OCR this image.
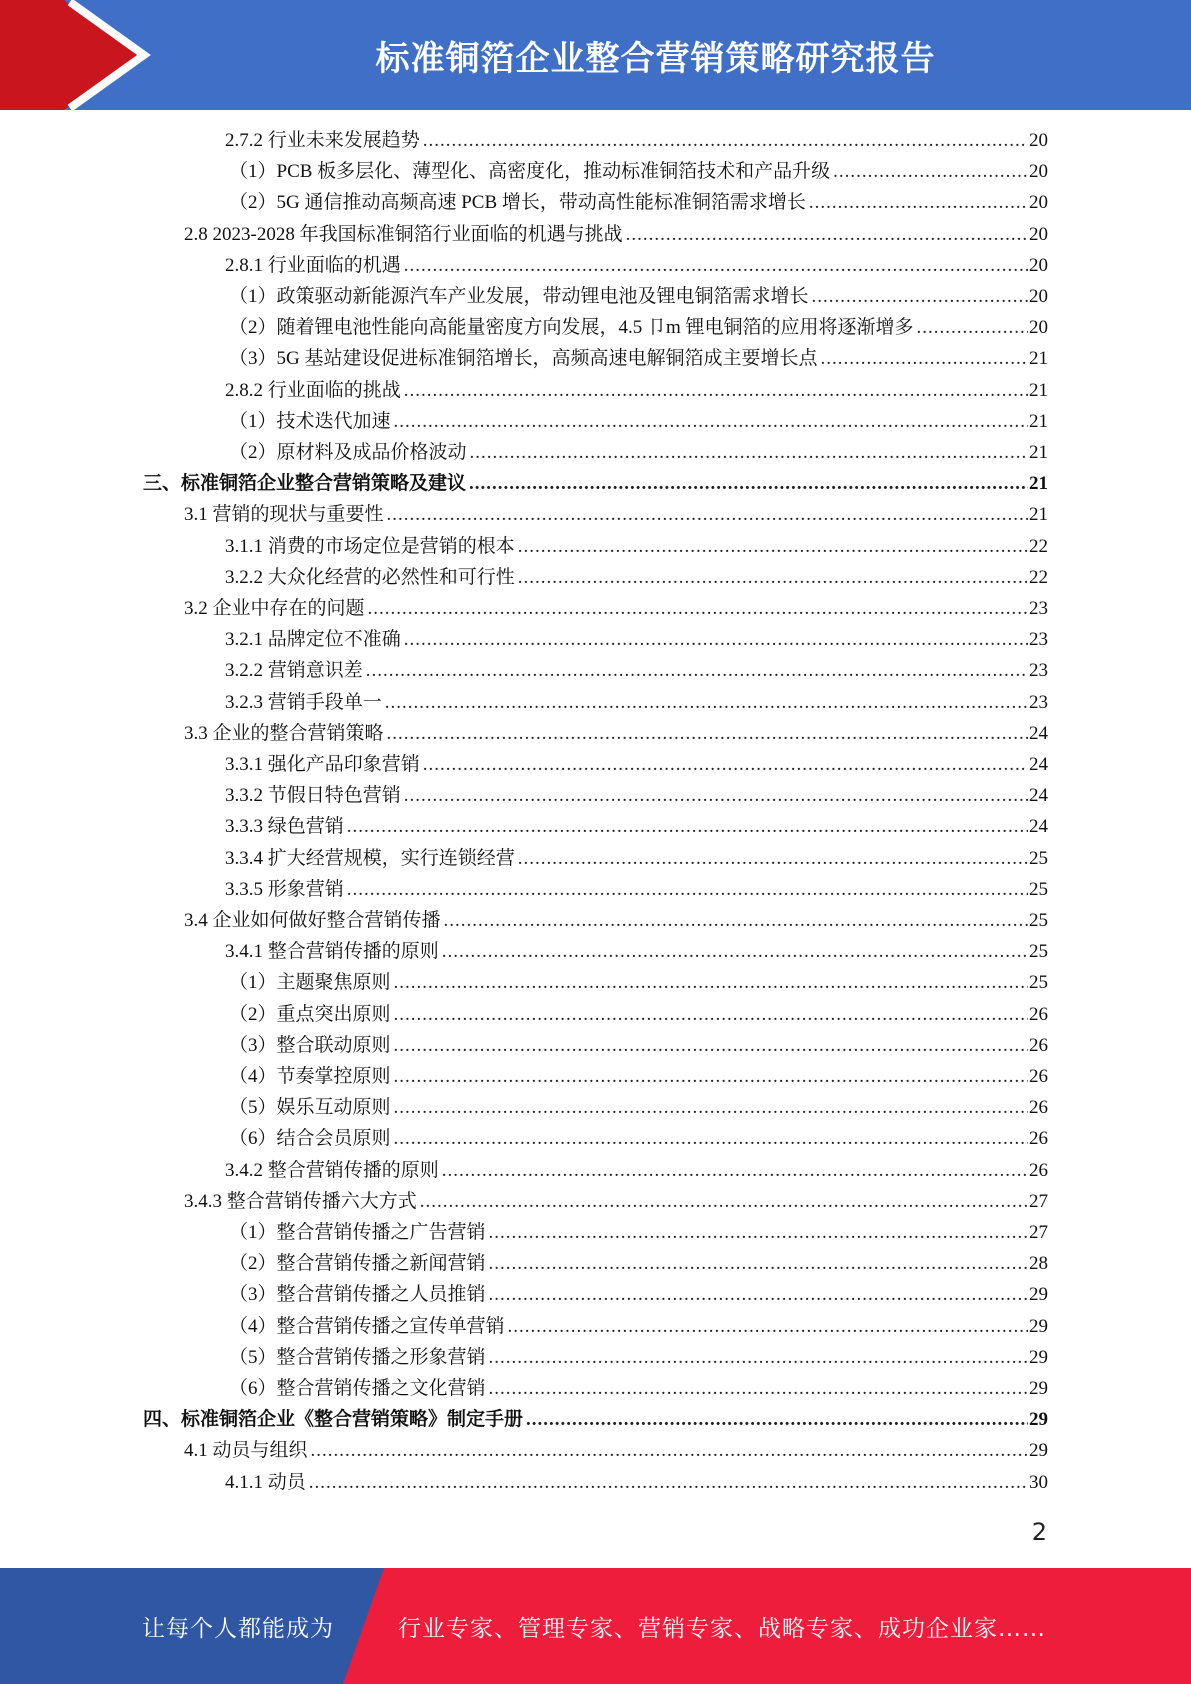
标准铜箔企业整合营销策略研究报告
2.7.2 行业未来发展趋势 .....	20
（1）PCB 板多层化、薄型化、高密度化，推动标准铜箔技术和产品升级 .....	20
（2）5G 通信推动高频高速 PCB 增长，带动高性能标准铜箔需求增长 .....	20
2.8 2023-2028 年我国标准铜箔行业面临的机遇与挑战 .....	20
2.8.1 行业面临的机遇 .....	20
（1）政策驱动新能源汽车产业发展，带动锂电池及锂电铜箔需求增长 .....	20
（2）随着锂电池性能向高能量密度方向发展，4.5 卩m 锂电铜箔的应用将逐渐增多 .....	20
（3）5G 基站建设促进标准铜箔增长，高频高速电解铜箔成主要增长点 .....	21
2.8.2 行业面临的挑战 .....	21
（1）技术迭代加速 .....	21
（2）原材料及成品价格波动 .....	21
三、标准铜箔企业整合营销策略及建议 .....	21
3.1 营销的现状与重要性 .....	21
3.1.1 消费的市场定位是营销的根本 .....	22
3.2.2 大众化经营的必然性和可行性 .....	22
3.2 企业中存在的问题 .....	23
3.2.1 品牌定位不准确 .....	23
3.2.2 营销意识差 .....	23
3.2.3 营销手段单一 .....	23
3.3 企业的整合营销策略 .....	24
3.3.1 强化产品印象营销 .....	24
3.3.2 节假日特色营销 .....	24
3.3.3 绿色营销 .....	24
3.3.4 扩大经营规模，实行连锁经营 .....	25
3.3.5 形象营销 .....	25
3.4 企业如何做好整合营销传播 .....	25
3.4.1 整合营销传播的原则 .....	25
（1）主题聚焦原则 .....	25
（2）重点突出原则 .....	26
（3）整合联动原则 .....	26
（4）节奏掌控原则 .....	26
（5）娱乐互动原则 .....	26
（6）结合会员原则 .....	26
3.4.2 整合营销传播的原则 .....	26
3.4.3 整合营销传播六大方式 .....	27
（1）整合营销传播之广告营销 .....	27
（2）整合营销传播之新闻营销 .....	28
（3）整合营销传播之人员推销 .....	29
（4）整合营销传播之宣传单营销 .....	29
（5）整合营销传播之形象营销 .....	29
（6）整合营销传播之文化营销 .....	29
四、标准铜箔企业《整合营销策略》制定手册 .....	29
4.1 动员与组织 .....	29
4.1.1 动员 .....	30
2
让每个人都能成为	行业专家、管理专家、营销专家、战略专家、成功企业家……
